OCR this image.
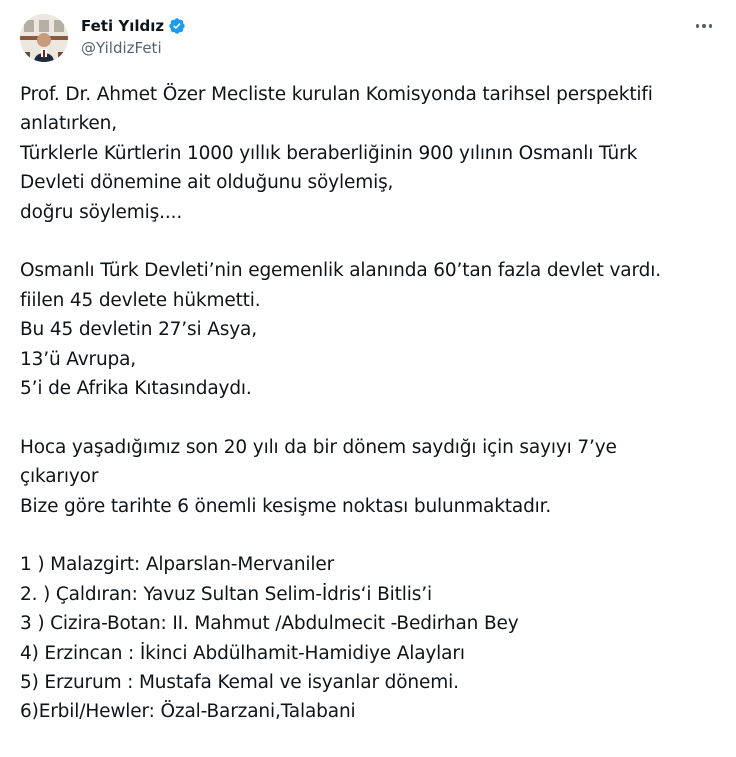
Feti Yıldız
@YildizFeti
Prof. Dr. Ahmet Özer Mecliste kurulan Komisyonda tarihsel perspektifi
anlatırken,
Türklerle Kürtlerin 1000 yıllık beraberliğinin 900 yılının Osmanlı Türk
Devleti dönemine ait olduğunu söylemiş,
doğru söylemiş....
Osmanlı Türk Devleti’nin egemenlik alanında 60’tan fazla devlet vardı.
fiilen 45 devlete hükmetti.
Bu 45 devletin 27’si Asya,
13’ü Avrupa,
5’i de Afrika Kıtasındaydı.
Hoca yaşadığımız son 20 yılı da bir dönem saydığı için sayıyı 7’ye
çıkarıyor
Bize göre tarihte 6 önemli kesişme noktası bulunmaktadır.
1 ) Malazgirt: Alparslan-Mervaniler
2. ) Çaldıran: Yavuz Sultan Selim-İdris‘i Bitlis’i
3 ) Cizira-Botan: II. Mahmut /Abdulmecit -Bedirhan Bey
4) Erzincan : İkinci Abdülhamit-Hamidiye Alayları
5) Erzurum : Mustafa Kemal ve isyanlar dönemi.
6)Erbil/Hewler: Özal-Barzani,Talabani
